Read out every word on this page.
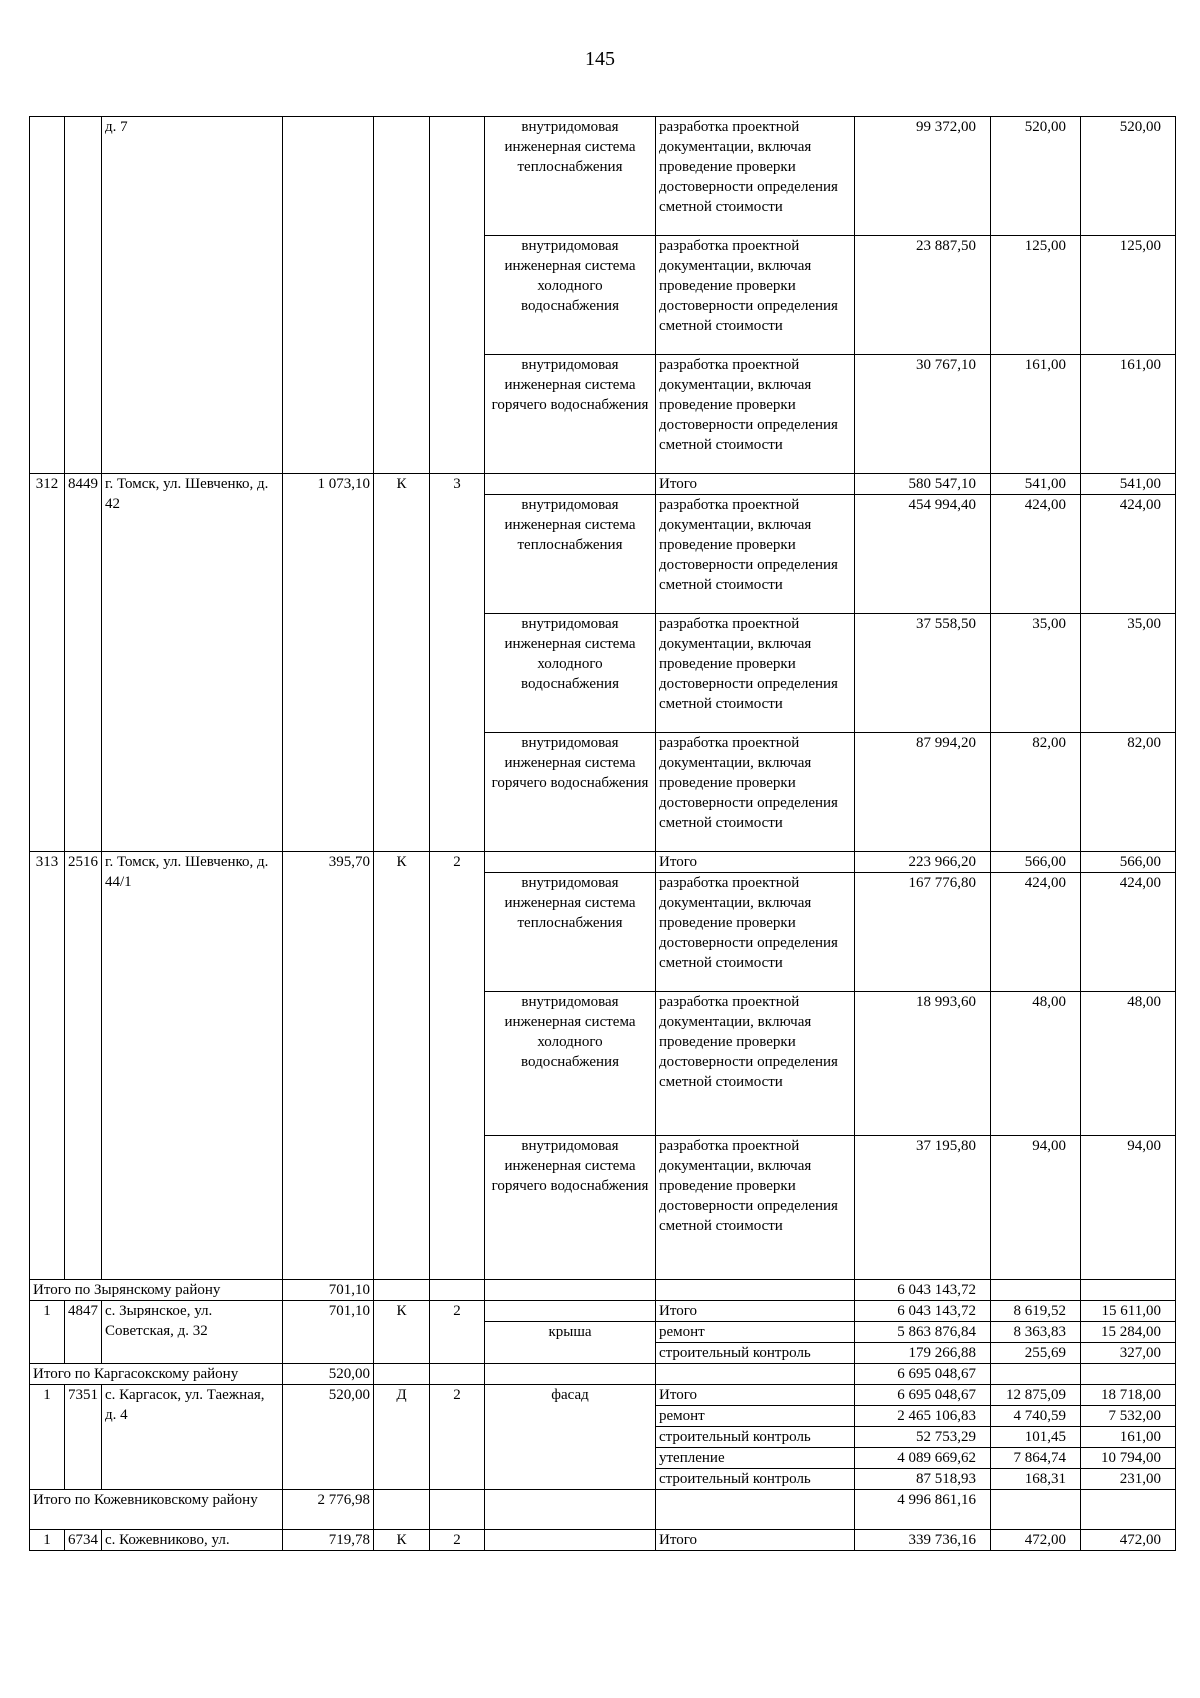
145
		д. 7				внутридомовая инженерная система теплоснабжения	разработка проектной документации, включая проведение проверки достоверности определения сметной стоимости	99 372,00	520,00	520,00
						внутридомовая инженерная система холодного водоснабжения	разработка проектной документации, включая проведение проверки достоверности определения сметной стоимости	23 887,50	125,00	125,00
						внутридомовая инженерная система горячего водоснабжения	разработка проектной документации, включая проведение проверки достоверности определения сметной стоимости	30 767,10	161,00	161,00
312	8449	г. Томск, ул. Шевченко, д. 42	1 073,10	К	3		Итого	580 547,10	541,00	541,00
						внутридомовая инженерная система теплоснабжения	разработка проектной документации, включая проведение проверки достоверности определения сметной стоимости	454 994,40	424,00	424,00
						внутридомовая инженерная система холодного водоснабжения	разработка проектной документации, включая проведение проверки достоверности определения сметной стоимости	37 558,50	35,00	35,00
						внутридомовая инженерная система горячего водоснабжения	разработка проектной документации, включая проведение проверки достоверности определения сметной стоимости	87 994,20	82,00	82,00
313	2516	г. Томск, ул. Шевченко, д. 44/1	395,70	К	2		Итого	223 966,20	566,00	566,00
						внутридомовая инженерная система теплоснабжения	разработка проектной документации, включая проведение проверки достоверности определения сметной стоимости	167 776,80	424,00	424,00
						внутридомовая инженерная система холодного водоснабжения	разработка проектной документации, включая проведение проверки достоверности определения сметной стоимости	18 993,60	48,00	48,00
						внутридомовая инженерная система горячего водоснабжения	разработка проектной документации, включая проведение проверки достоверности определения сметной стоимости	37 195,80	94,00	94,00
Итого по Зырянскому району			701,10					6 043 143,72		
1	4847	с. Зырянское, ул. Советская, д. 32	701,10	К	2		Итого	6 043 143,72	8 619,52	15 611,00
						крыша	ремонт	5 863 876,84	8 363,83	15 284,00
							строительный контроль	179 266,88	255,69	327,00
Итого по Каргасокскому району			520,00					6 695 048,67		
1	7351	с. Каргасок, ул. Таежная, д. 4	520,00	Д	2	фасад	Итого	6 695 048,67	12 875,09	18 718,00
							ремонт	2 465 106,83	4 740,59	7 532,00
							строительный контроль	52 753,29	101,45	161,00
							утепление	4 089 669,62	7 864,74	10 794,00
							строительный контроль	87 518,93	168,31	231,00
Итого по Кожевниковскому району			2 776,98					4 996 861,16		
1	6734	с. Кожевниково, ул.	719,78	К	2		Итого	339 736,16	472,00	472,00
